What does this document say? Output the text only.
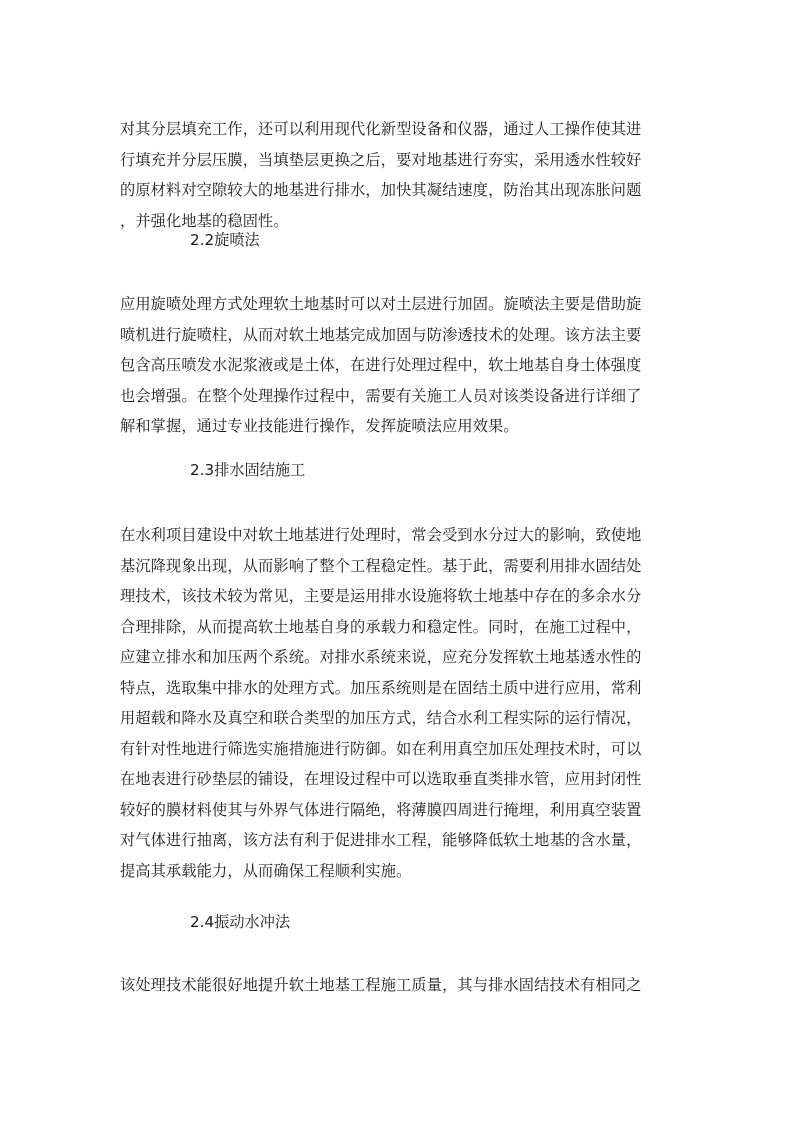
对其分层填充工作，还可以利用现代化新型设备和仪器，通过人工操作使其进
行填充并分层压膜，当填垫层更换之后，要对地基进行夯实，采用透水性较好
的原材料对空隙较大的地基进行排水，加快其凝结速度，防治其出现冻胀问题
，并强化地基的稳固性。

2.2旋喷法

应用旋喷处理方式处理软土地基时可以对土层进行加固。旋喷法主要是借助旋
喷机进行旋喷柱，从而对软土地基完成加固与防渗透技术的处理。该方法主要
包含高压喷发水泥浆液或是土体，在进行处理过程中，软土地基自身土体强度
也会增强。在整个处理操作过程中，需要有关施工人员对该类设备进行详细了
解和掌握，通过专业技能进行操作，发挥旋喷法应用效果。

2.3排水固结施工

在水利项目建设中对软土地基进行处理时，常会受到水分过大的影响，致使地
基沉降现象出现，从而影响了整个工程稳定性。基于此，需要利用排水固结处
理技术，该技术较为常见，主要是运用排水设施将软土地基中存在的多余水分
合理排除，从而提高软土地基自身的承载力和稳定性。同时，在施工过程中，
应建立排水和加压两个系统。对排水系统来说，应充分发挥软土地基透水性的
特点，选取集中排水的处理方式。加压系统则是在固结土质中进行应用，常利
用超载和降水及真空和联合类型的加压方式，结合水利工程实际的运行情况，
有针对性地进行筛选实施措施进行防御。如在利用真空加压处理技术时，可以
在地表进行砂垫层的铺设，在埋设过程中可以选取垂直类排水管，应用封闭性
较好的膜材料使其与外界气体进行隔绝，将薄膜四周进行掩埋，利用真空装置
对气体进行抽离，该方法有利于促进排水工程，能够降低软土地基的含水量，
提高其承载能力，从而确保工程顺利实施。

2.4振动水冲法

该处理技术能很好地提升软土地基工程施工质量，其与排水固结技术有相同之
